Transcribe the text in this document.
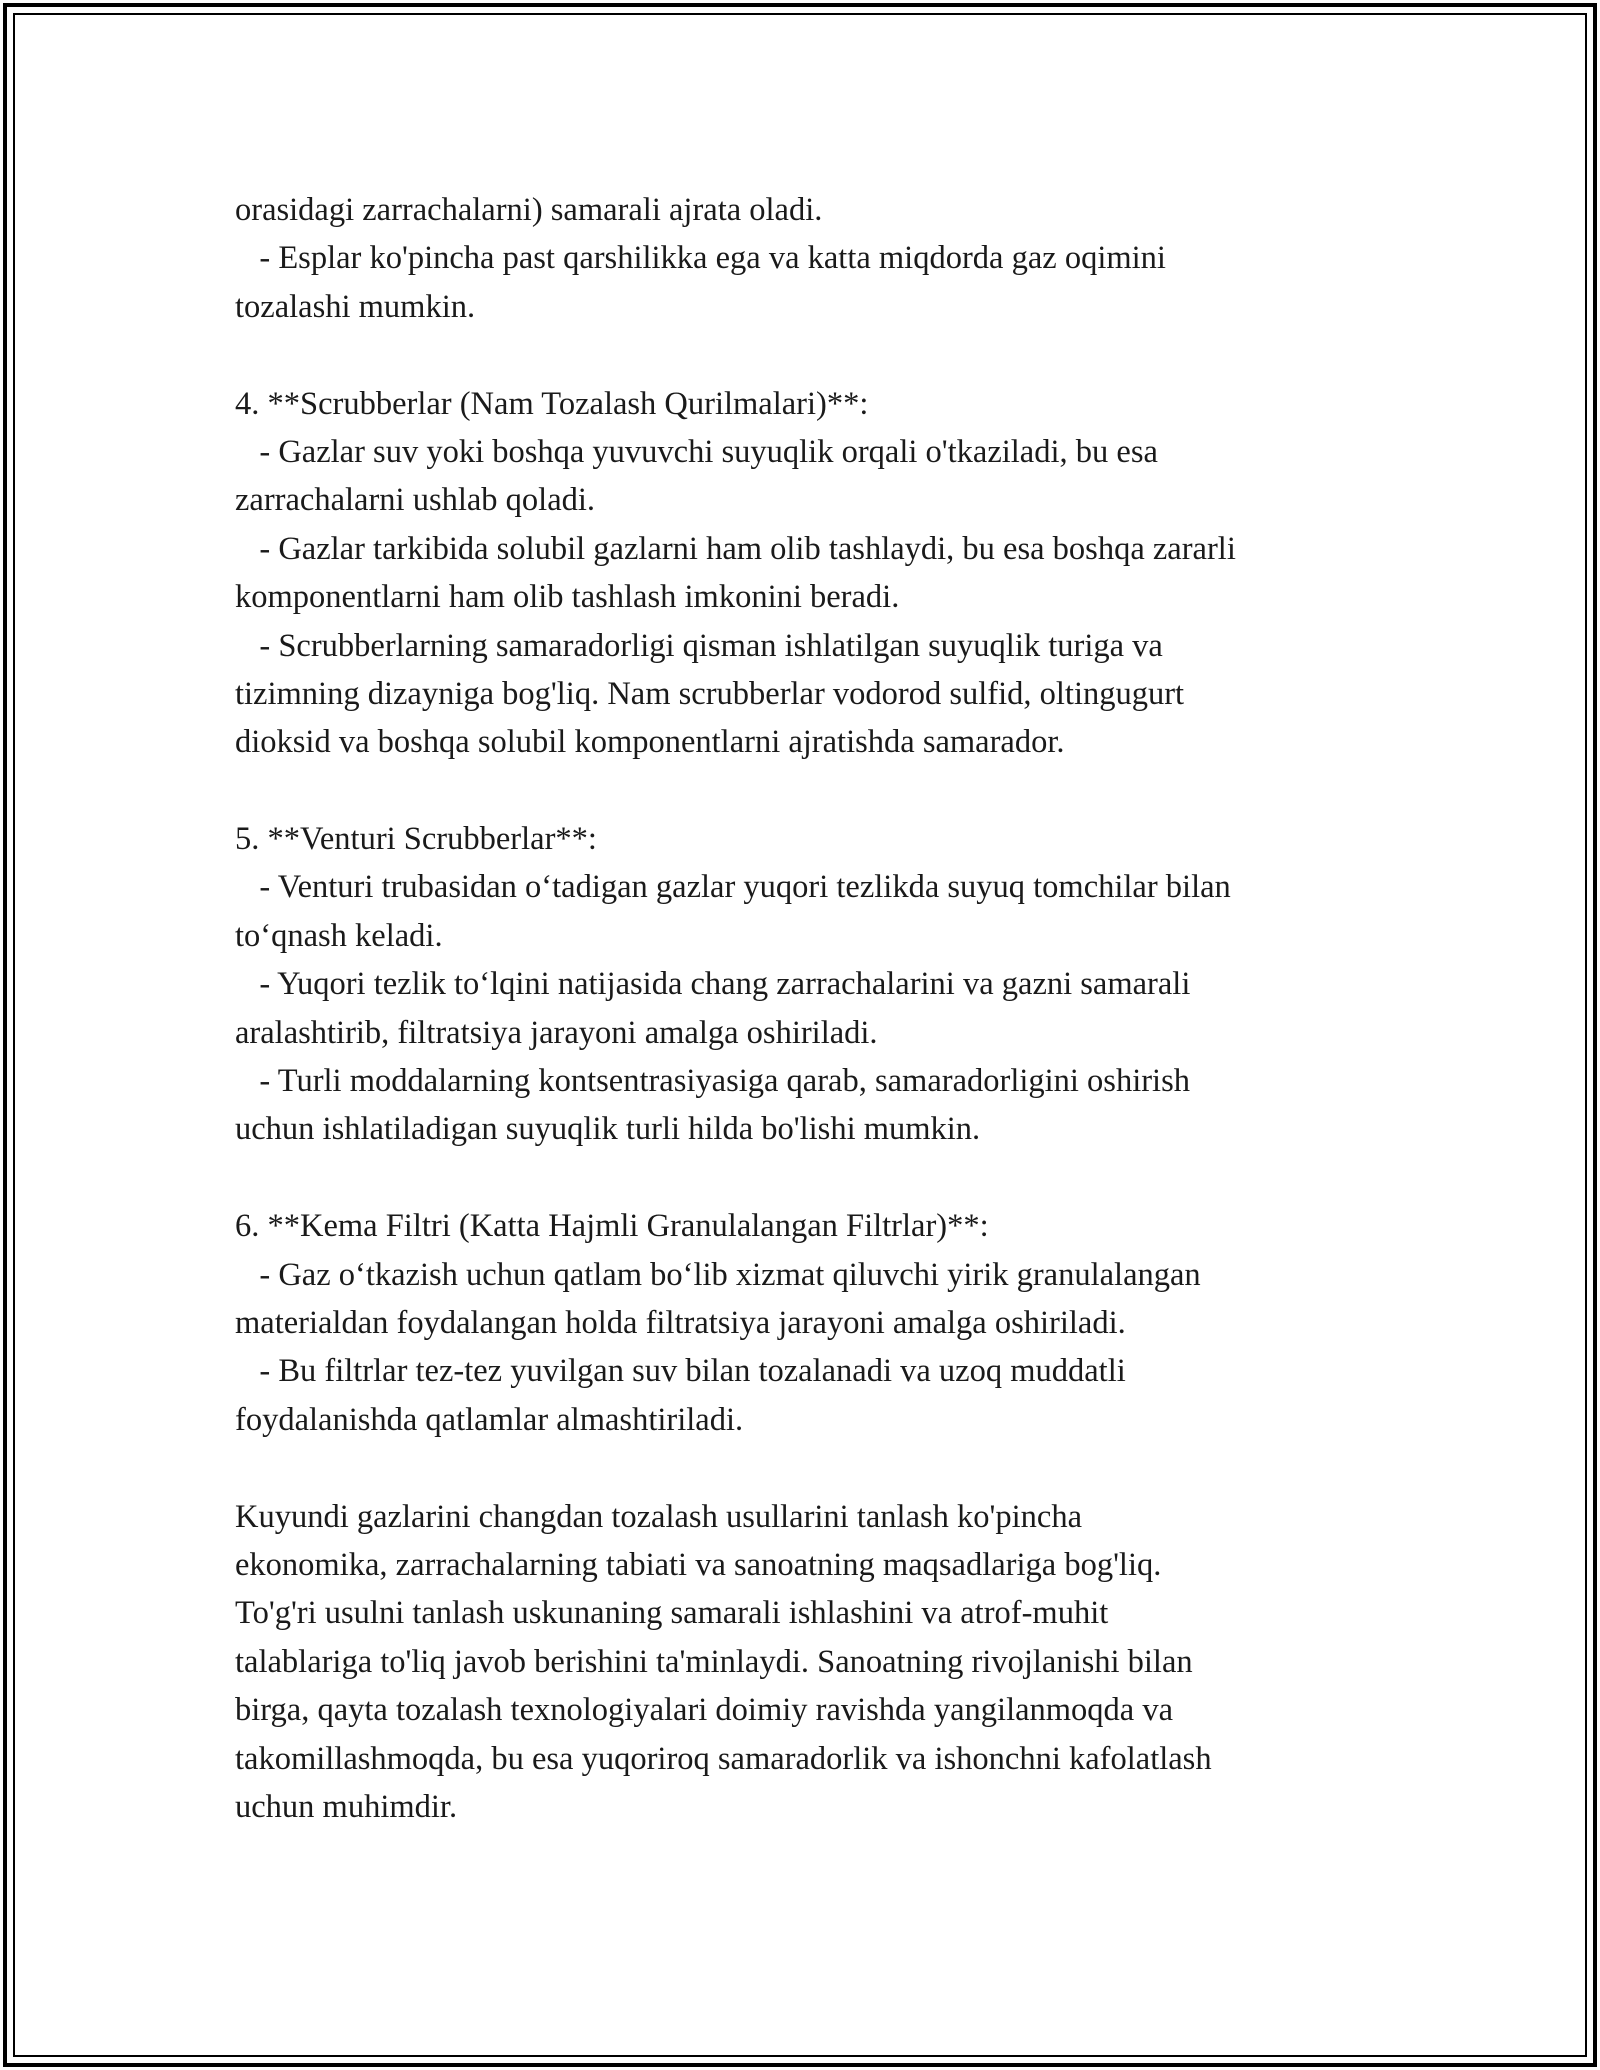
orasidagi zarrachalarni) samarali ajrata oladi.
- Esplar ko'pincha past qarshilikka ega va katta miqdorda gaz oqimini
tozalashi mumkin.
4. **Scrubberlar (Nam Tozalash Qurilmalari)**:
- Gazlar suv yoki boshqa yuvuvchi suyuqlik orqali o'tkaziladi, bu esa
zarrachalarni ushlab qoladi.
- Gazlar tarkibida solubil gazlarni ham olib tashlaydi, bu esa boshqa zararli
komponentlarni ham olib tashlash imkonini beradi.
- Scrubberlarning samaradorligi qisman ishlatilgan suyuqlik turiga va
tizimning dizayniga bog'liq. Nam scrubberlar vodorod sulfid, oltingugurt
dioksid va boshqa solubil komponentlarni ajratishda samarador.
5. **Venturi Scrubberlar**:
- Venturi trubasidan o‘tadigan gazlar yuqori tezlikda suyuq tomchilar bilan
to‘qnash keladi.
- Yuqori tezlik to‘lqini natijasida chang zarrachalarini va gazni samarali
aralashtirib, filtratsiya jarayoni amalga oshiriladi.
- Turli moddalarning kontsentrasiyasiga qarab, samaradorligini oshirish
uchun ishlatiladigan suyuqlik turli hilda bo'lishi mumkin.
6. **Kema Filtri (Katta Hajmli Granulalangan Filtrlar)**:
- Gaz o‘tkazish uchun qatlam bo‘lib xizmat qiluvchi yirik granulalangan
materialdan foydalangan holda filtratsiya jarayoni amalga oshiriladi.
- Bu filtrlar tez-tez yuvilgan suv bilan tozalanadi va uzoq muddatli
foydalanishda qatlamlar almashtiriladi.
Kuyundi gazlarini changdan tozalash usullarini tanlash ko'pincha
ekonomika, zarrachalarning tabiati va sanoatning maqsadlariga bog'liq.
To'g'ri usulni tanlash uskunaning samarali ishlashini va atrof-muhit
talablariga to'liq javob berishini ta'minlaydi. Sanoatning rivojlanishi bilan
birga, qayta tozalash texnologiyalari doimiy ravishda yangilanmoqda va
takomillashmoqda, bu esa yuqoriroq samaradorlik va ishonchni kafolatlash
uchun muhimdir.
